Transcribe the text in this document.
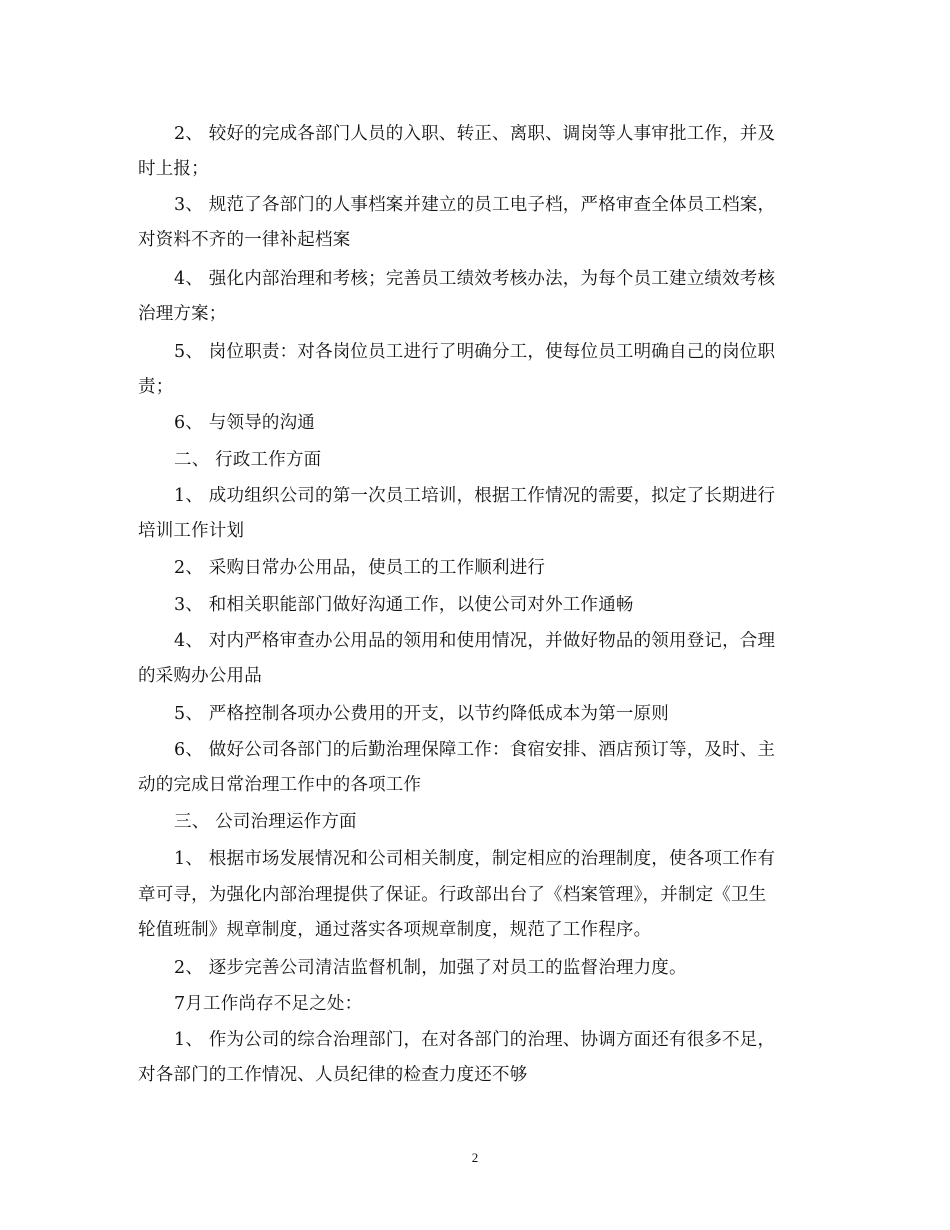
2、 较好的完成各部门人员的入职、转正、离职、调岗等人事审批工作，并及
时上报；
3、 规范了各部门的人事档案并建立的员工电子档，严格审查全体员工档案，
对资料不齐的一律补起档案
4、 强化内部治理和考核；完善员工绩效考核办法，为每个员工建立绩效考核
治理方案；
5、 岗位职责：对各岗位员工进行了明确分工，使每位员工明确自己的岗位职
责；
6、 与领导的沟通
二、 行政工作方面
1、 成功组织公司的第一次员工培训，根据工作情况的需要，拟定了长期进行
培训工作计划
2、 采购日常办公用品，使员工的工作顺利进行
3、 和相关职能部门做好沟通工作，以使公司对外工作通畅
4、 对内严格审查办公用品的领用和使用情况，并做好物品的领用登记，合理
的采购办公用品
5、 严格控制各项办公费用的开支，以节约降低成本为第一原则
6、 做好公司各部门的后勤治理保障工作：食宿安排、酒店预订等，及时、主
动的完成日常治理工作中的各项工作
三、 公司治理运作方面
1、 根据市场发展情况和公司相关制度，制定相应的治理制度，使各项工作有
章可寻，为强化内部治理提供了保证。行政部出台了《档案管理》，并制定《卫生
轮值班制》规章制度，通过落实各项规章制度，规范了工作程序。
2、 逐步完善公司清洁监督机制，加强了对员工的监督治理力度。
7月工作尚存不足之处：
1、 作为公司的综合治理部门，在对各部门的治理、协调方面还有很多不足，
对各部门的工作情况、人员纪律的检查力度还不够
2
